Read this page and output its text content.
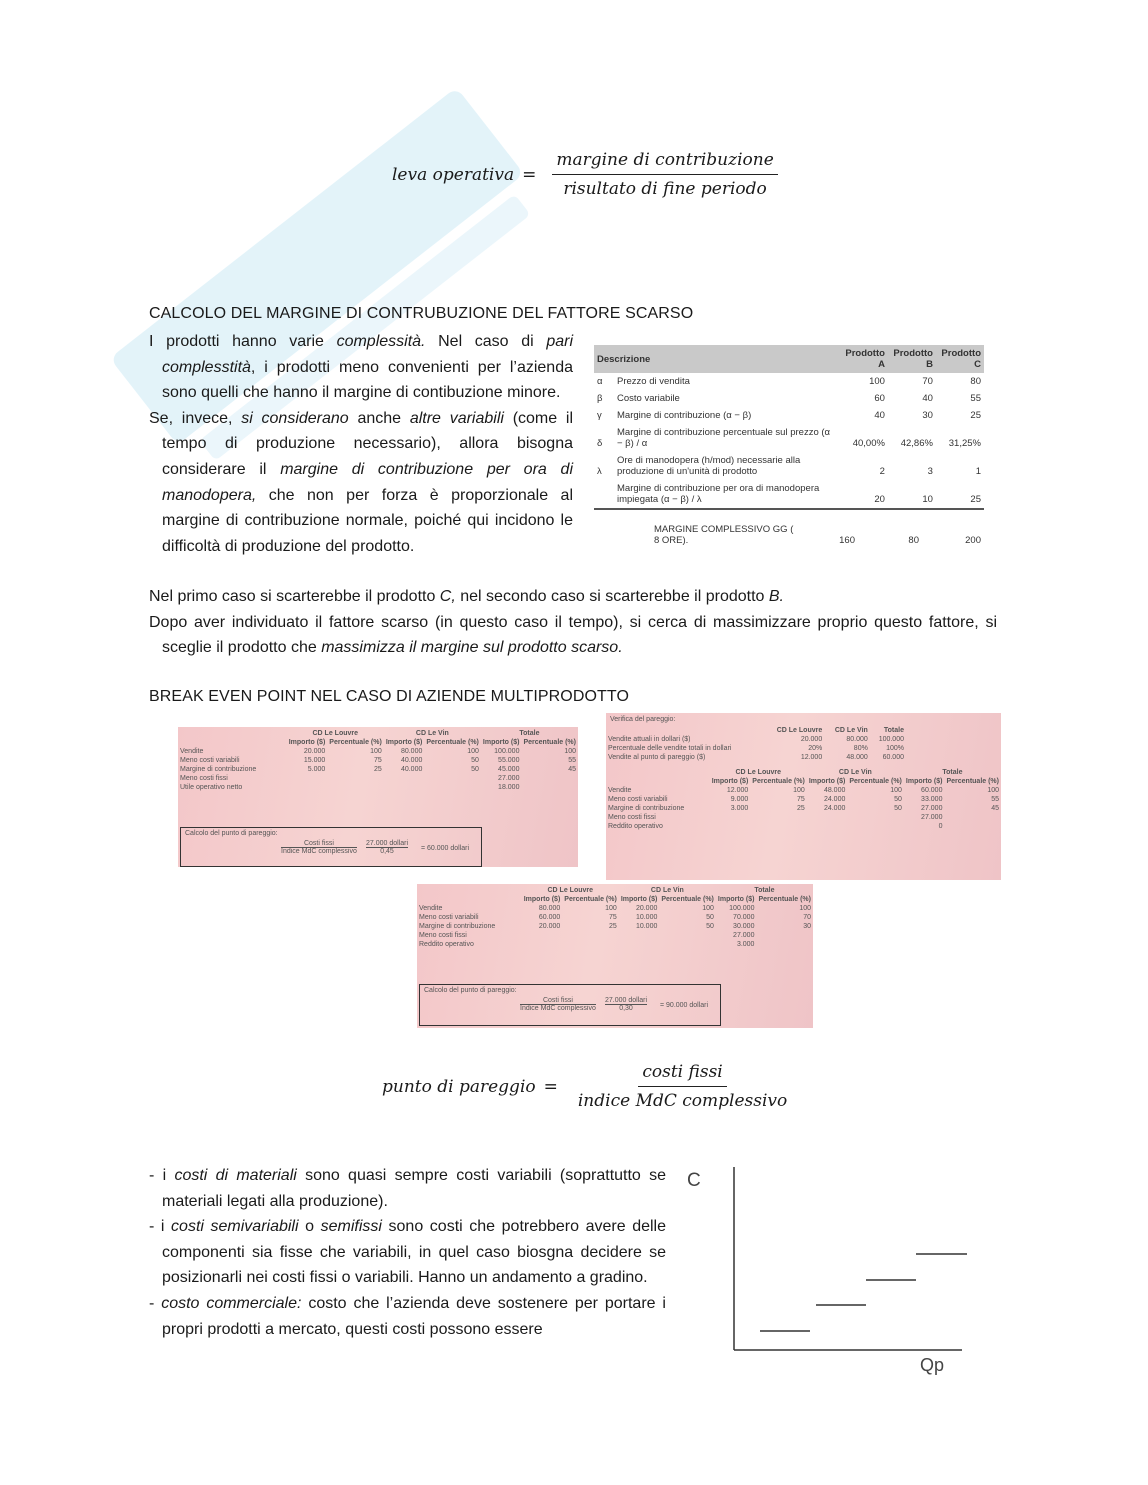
leva operativa = $\frac{\text{margine di contribuzione}}{\text{risultato di fine periodo}}$
CALCOLO DEL MARGINE DI CONTRUBUZIONE DEL FATTORE SCARSO

I prodotti hanno varie complessità. Nel caso di pari complesstità, i prodotti meno convenienti per l’azienda sono quelli che hanno il margine di contibuzione minore.

Se, invece, si considerano anche altre variabili (come il tempo di produzione necessario), allora bisogna considerare il margine di contribuzione per ora di manodopera, che non per forza è proporzionale al margine di contribuzione normale, poiché qui incidono le difficoltà di produzione del prodotto.

Nel primo caso si scarterebbe il prodotto C, nel secondo caso si scarterebbe il prodotto B.

Dopo aver individuato il fattore scarso (in questo caso il tempo), si cerca di massimizzare proprio questo fattore, si sceglie il prodotto che massimizza il margine sul prodotto scarso.

Descrizione		Prodotto A	Prodotto B	Prodotto C
α	Prezzo di vendita	100	70	80
β	Costo variabile	60	40	55
γ	Margine di contribuzione (α − β)	40	30	25
δ	Margine di contribuzione percentuale sul prezzo (α − β) / α	40,00%	42,86%	31,25%
λ	Ore di manodopera (h/mod) necessarie alla produzione di un'unità di prodotto	2	3	1
	Margine di contribuzione per ora di manodopera impiegata (α − β) / λ	20	10	25
MARGINE COMPLESSIVO GG ( 8 ORE).	160	80	200
BREAK EVEN POINT NEL CASO DI AZIENDE MULTIPRODOTTO
	CD Le Louvre		CD Le Vin		Totale	
	Importo ($)	Percentuale (%)	Importo ($)	Percentuale (%)	Importo ($)	Percentuale (%)
Vendite	20.000	100	80.000	100	100.000	100
Meno costi variabili	15.000	75	40.000	50	55.000	55
Margine di contribuzione	5.000	25	40.000	50	45.000	45
Meno costi fissi					27.000	
Utile operativo netto					18.000	
Calcolo del punto di pareggio:
Costi fissi
Indice MdC complessivo
27.000 dollari
0,45	= 60.000 dollari
Verifica del pareggio:
	CD Le Louvre	CD Le Vin	Totale
Vendite attuali in dollari ($)	20.000	80.000	100.000
Percentuale delle vendite totali in dollari	20%	80%	100%
Vendite al punto di pareggio ($)	12.000	48.000	60.000
	CD Le Louvre		CD Le Vin		Totale	
	Importo ($)	Percentuale (%)	Importo ($)	Percentuale (%)	Importo ($)	Percentuale (%)
Vendite	12.000	100	48.000	100	60.000	100
Meno costi variabili	9.000	75	24.000	50	33.000	55
Margine di contribuzione	3.000	25	24.000	50	27.000	45
Meno costi fissi					27.000	
Reddito operativo					0	
	CD Le Louvre		CD Le Vin		Totale	
	Importo ($)	Percentuale (%)	Importo ($)	Percentuale (%)	Importo ($)	Percentuale (%)
Vendite	80.000	100	20.000	100	100.000	100
Meno costi variabili	60.000	75	10.000	50	70.000	70
Margine di contribuzione	20.000	25	10.000	50	30.000	30
Meno costi fissi					27.000	
Reddito operativo					3.000	
Calcolo del punto di pareggio:
Costi fissi
Indice MdC complessivo
27.000 dollari
0,30	= 90.000 dollari
punto di pareggio = $\frac{\text{costi fissi}}{\text{indice MdC complessivo}}$

- i costi di materiali sono quasi sempre costi variabili (soprattutto se materiali legati alla produzione).

- i costi semivariabili o semifissi sono costi che potrebbero avere delle componenti sia fisse che variabili, in quel caso biosgna decidere se posizionarli nei costi fissi o variabili. Hanno un andamento a gradino.

- costo commerciale: costo che l’azienda deve sostenere per portare i propri prodotti a mercato, questi costi possono essere

C
Qp
